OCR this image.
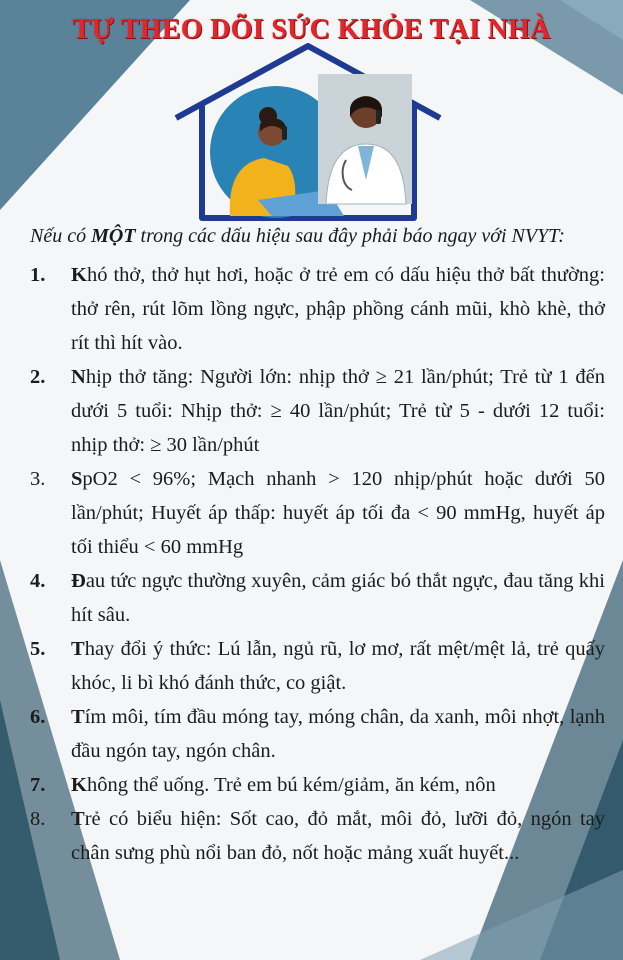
TỰ THEO DÕI SỨC KHỎE TẠI NHÀ

Nếu có MỘT trong các dấu hiệu sau đây phải báo ngay với NVYT:

1. Khó thở, thở hụt hơi, hoặc ở trẻ em có dấu hiệu thở bất thường: thở rên, rút lõm lồng ngực, phập phồng cánh mũi, khò khè, thở rít thì hít vào.
2. Nhịp thở tăng: Người lớn: nhịp thở ≥ 21 lần/phút; Trẻ từ 1 đến dưới 5 tuổi: Nhịp thở: ≥ 40 lần/phút; Trẻ từ 5 - dưới 12 tuổi: nhịp thở: ≥ 30 lần/phút
3. SpO2 < 96%; Mạch nhanh > 120 nhịp/phút hoặc dưới 50 lần/phút; Huyết áp thấp: huyết áp tối đa < 90 mmHg, huyết áp tối thiểu < 60 mmHg
4. Đau tức ngực thường xuyên, cảm giác bó thắt ngực, đau tăng khi hít sâu.
5. Thay đổi ý thức: Lú lẫn, ngủ rũ, lơ mơ, rất mệt/mệt lả, trẻ quấy khóc, li bì khó đánh thức, co giật.
6. Tím môi, tím đầu móng tay, móng chân, da xanh, môi nhợt, lạnh đầu ngón tay, ngón chân.
7. Không thể uống. Trẻ em bú kém/giảm, ăn kém, nôn
8. Trẻ có biểu hiện: Sốt cao, đỏ mắt, môi đỏ, lưỡi đỏ, ngón tay chân sưng phù nổi ban đỏ, nốt hoặc mảng xuất huyết...
